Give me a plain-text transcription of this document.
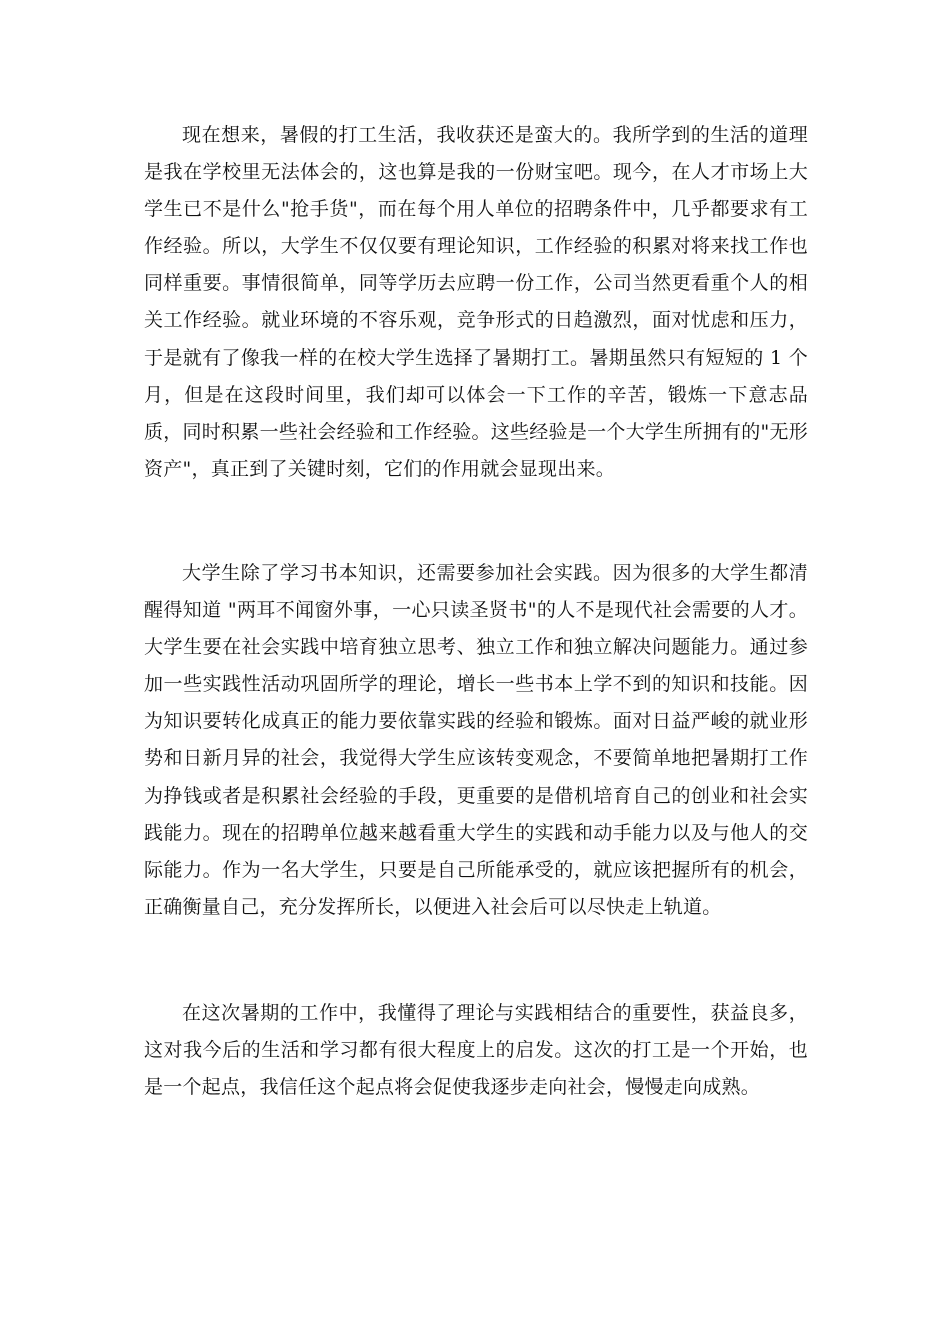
现在想来，暑假的打工生活，我收获还是蛮大的。我所学到的生活的道理是我在学校里无法体会的，这也算是我的一份财宝吧。现今，在人才市场上大学生已不是什么"抢手货"，而在每个用人单位的招聘条件中，几乎都要求有工作经验。所以，大学生不仅仅要有理论知识，工作经验的积累对将来找工作也同样重要。事情很简单，同等学历去应聘一份工作，公司当然更看重个人的相关工作经验。就业环境的不容乐观，竞争形式的日趋激烈，面对忧虑和压力，于是就有了像我一样的在校大学生选择了暑期打工。暑期虽然只有短短的 1 个月，但是在这段时间里，我们却可以体会一下工作的辛苦，锻炼一下意志品质，同时积累一些社会经验和工作经验。这些经验是一个大学生所拥有的"无形资产"，真正到了关键时刻，它们的作用就会显现出来。

大学生除了学习书本知识，还需要参加社会实践。因为很多的大学生都清醒得知道 "两耳不闻窗外事，一心只读圣贤书"的人不是现代社会需要的人才。大学生要在社会实践中培育独立思考、独立工作和独立解决问题能力。通过参加一些实践性活动巩固所学的理论，增长一些书本上学不到的知识和技能。因为知识要转化成真正的能力要依靠实践的经验和锻炼。面对日益严峻的就业形势和日新月异的社会，我觉得大学生应该转变观念，不要简单地把暑期打工作为挣钱或者是积累社会经验的手段，更重要的是借机培育自己的创业和社会实践能力。现在的招聘单位越来越看重大学生的实践和动手能力以及与他人的交际能力。作为一名大学生，只要是自己所能承受的，就应该把握所有的机会，正确衡量自己，充分发挥所长，以便进入社会后可以尽快走上轨道。

在这次暑期的工作中，我懂得了理论与实践相结合的重要性，获益良多，这对我今后的生活和学习都有很大程度上的启发。这次的打工是一个开始，也是一个起点，我信任这个起点将会促使我逐步走向社会，慢慢走向成熟。
